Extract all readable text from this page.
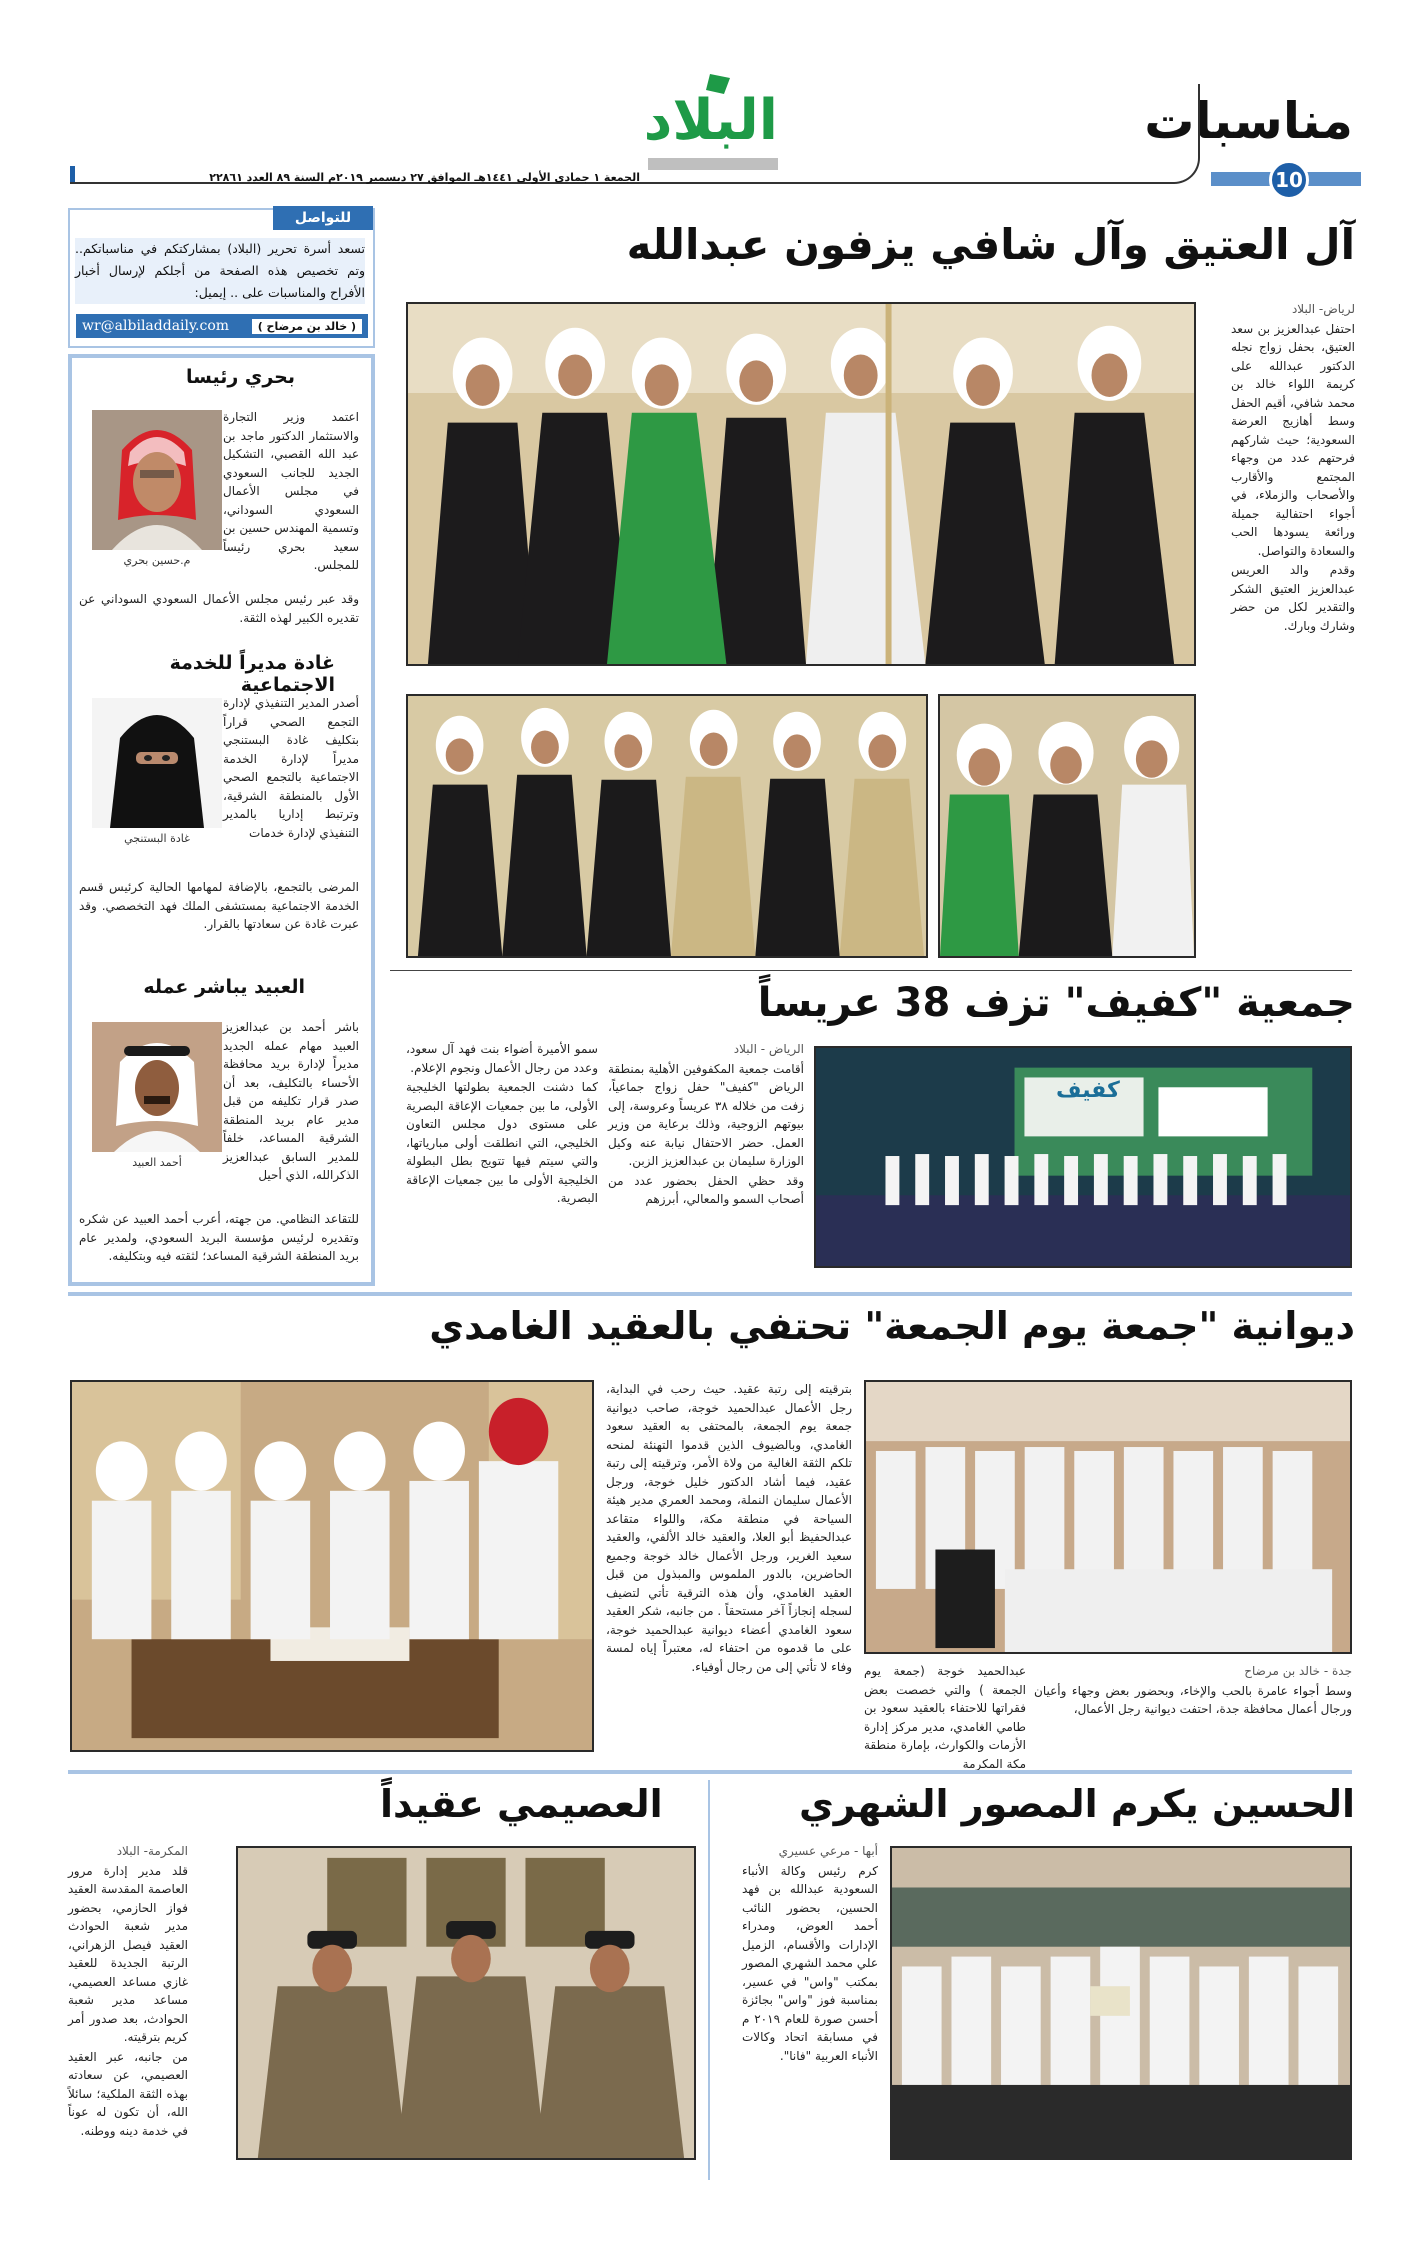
مناسبات
10
البلاد
الجمعة ١ جمادى الأولى ١٤٤١هـ الموافق ٢٧ ديسمبر ٢٠١٩م السنة ٨٩ العدد ٢٢٨٦١
للتواصل
تسعد أسرة تحرير (البلاد) بمشاركتكم في مناسباتكم.. وتم تخصيص هذه الصفحة من أجلكم لإرسال أخبار الأفراح والمناسبات على .. إيميل:
( خالد بن مرضاح )
wr@albiladdaily.com
بحري رئيسا
م.حسين بحري

اعتمد وزير التجارة والاستثمار الدكتور ماجد بن عبد الله القصبي، التشكيل الجديد للجانب السعودي في مجلس الأعمال السعودي السوداني، وتسمية المهندس حسين بن سعيد بحري رئيساً للمجلس.

وقد عبر رئيس مجلس الأعمال السعودي السوداني عن تقديره الكبير لهذه الثقة.
غادة مديراً للخدمة الاجتماعية
غادة البستنجي

أصدر المدير التنفيذي لإدارة التجمع الصحي قراراً بتكليف غادة البستنجي مديراً لإدارة الخدمة الاجتماعية بالتجمع الصحي الأول بالمنطقة الشرقية، وترتبط إداريا بالمدير التنفيذي لإدارة خدمات

المرضى بالتجمع، بالإضافة لمهامها الحالية كرئيس قسم الخدمة الاجتماعية بمستشفى الملك فهد التخصصي. وقد عبرت غادة عن سعادتها بالقرار.
العبيد يباشر عمله
أحمد العبيد

باشر أحمد بن عبدالعزيز العبيد مهام عمله الجديد مديراً لإدارة بريد محافظة الأحساء بالتكليف، بعد أن صدر قرار تكليفه من قبل مدير عام بريد المنطقة الشرقية المساعد، خلفاً للمدير السابق عبدالعزيز الذكرالله، الذي أحيل

للتقاعد النظامي. من جهته، أعرب أحمد العبيد عن شكره وتقديره لرئيس مؤسسة البريد السعودي، ولمدير عام بريد المنطقة الشرقية المساعد؛ لثقته فيه وبتكليفه.
آل العتيق وآل شافي يزفون عبدالله

لرياض- البلاد

احتفل عبدالعزيز بن سعد العتيق، بحفل زواج نجله الدكتور عبدالله على كريمة اللواء خالد بن محمد شافي، أقيم الحفل وسط أهازيج العرضة السعودية؛ حيث شاركهم فرحتهم عدد من وجهاء المجتمع والأقارب والأصحاب والزملاء، في أجواء احتفالية جميلة ورائعة يسودها الحب والسعادة والتواصل.

وقدم والد العريس عبدالعزيز العتيق الشكر والتقدير لكل من حضر وشارك وبارك.

جمعية "كفيف" تزف 38 عريساً

الرياض - البلاد

أقامت جمعية المكفوفين الأهلية بمنطقة الرياض "كفيف" حفل زواج جماعياً، زفت من خلاله ٣٨ عريساً وعروسة، إلى بيوتهم الزوجية، وذلك برعاية من وزير العمل. حضر الاحتفال نيابة عنه وكيل الوزارة سليمان بن عبدالعزيز الزبن.

وقد حظي الحفل بحضور عدد من أصحاب السمو والمعالي، أبرزهم

سمو الأميرة أضواء بنت فهد آل سعود، وعدد من رجال الأعمال ونجوم الإعلام.

كما دشنت الجمعية بطولتها الخليجية الأولى، ما بين جمعيات الإعاقة البصرية على مستوى دول مجلس التعاون الخليجي، التي انطلقت أولى مبارياتها، والتي سيتم فيها تتويج بطل البطولة الخليجية الأولى ما بين جمعيات الإعاقة البصرية.

كفيف
ديوانية "جمعة يوم الجمعة" تحتفي بالعقيد الغامدي

جدة - خالد بن مرضاح

وسط أجواء عامرة بالحب والإخاء، وبحضور بعض وجهاء وأعيان ورجال أعمال محافظة جدة، احتفت ديوانية رجل الأعمال،

عبدالحميد خوجة (جمعة يوم الجمعة ) والتي خصصت بعض فقراتها للاحتفاء بالعقيد سعود بن طامي الغامدي، مدير مركز إدارة الأزمات والكوارث، بإمارة منطقة مكة المكرمة
بترقيته إلى رتبة عقيد. حيث رحب في البداية، رجل الأعمال عبدالحميد خوجة، صاحب ديوانية جمعة يوم الجمعة، بالمحتفى به العقيد سعود الغامدي، وبالضيوف الذين قدموا التهنئة لمنحه تلكم الثقة الغالية من ولاة الأمر، وترقيته إلى رتبة عقيد، فيما أشاد الدكتور خليل خوجة، ورجل الأعمال سليمان النملة، ومحمد العمري مدير هيئة السياحة في منطقة مكة، واللواء متقاعد عبدالحفيظ أبو العلا، والعقيد خالد الألفي، والعقيد سعيد الغرير، ورجل الأعمال خالد خوجة وجميع الحاضرين، بالدور الملموس والمبذول من قبل العقيد الغامدي، وأن هذه الترقية تأتي لتضيف لسجله إنجازاً آخر مستحقاً . من جانبه، شكر العقيد سعود الغامدي أعضاء ديوانية عبدالحميد خوجة، على ما قدموه من احتفاء له، معتبراً إياه لمسة وفاء لا تأتي إلى من رجال أوفياء.
الحسين يكرم المصور الشهري

أبها - مرعي عسيري

كرم رئيس وكالة الأنباء السعودية عبدالله بن فهد الحسين، بحضور النائب أحمد العوض، ومدراء الإدارات والأقسام، الزميل علي محمد الشهري المصور بمكتب "واس" في عسير، بمناسبة فوز "واس" بجائزة أحسن صورة للعام ٢٠١٩ م في مسابقة اتحاد وكالات الأنباء العربية "فانا".

العصيمي عقيداً

المكرمة- البلاد

قلد مدير إدارة مرور العاصمة المقدسة العقيد فواز الحازمي، بحضور مدير شعبة الحوادث العقيد فيصل الزهراني، الرتبة الجديدة للعقيد غازي مساعد العصيمي، مساعد مدير شعبة الحوادث، بعد صدور أمر كريم بترقيته.

من جانبه، عبر العقيد العصيمي، عن سعادته بهذه الثقة الملكية؛ سائلاً الله، أن تكون له عوناً في خدمة دينه ووطنه.
